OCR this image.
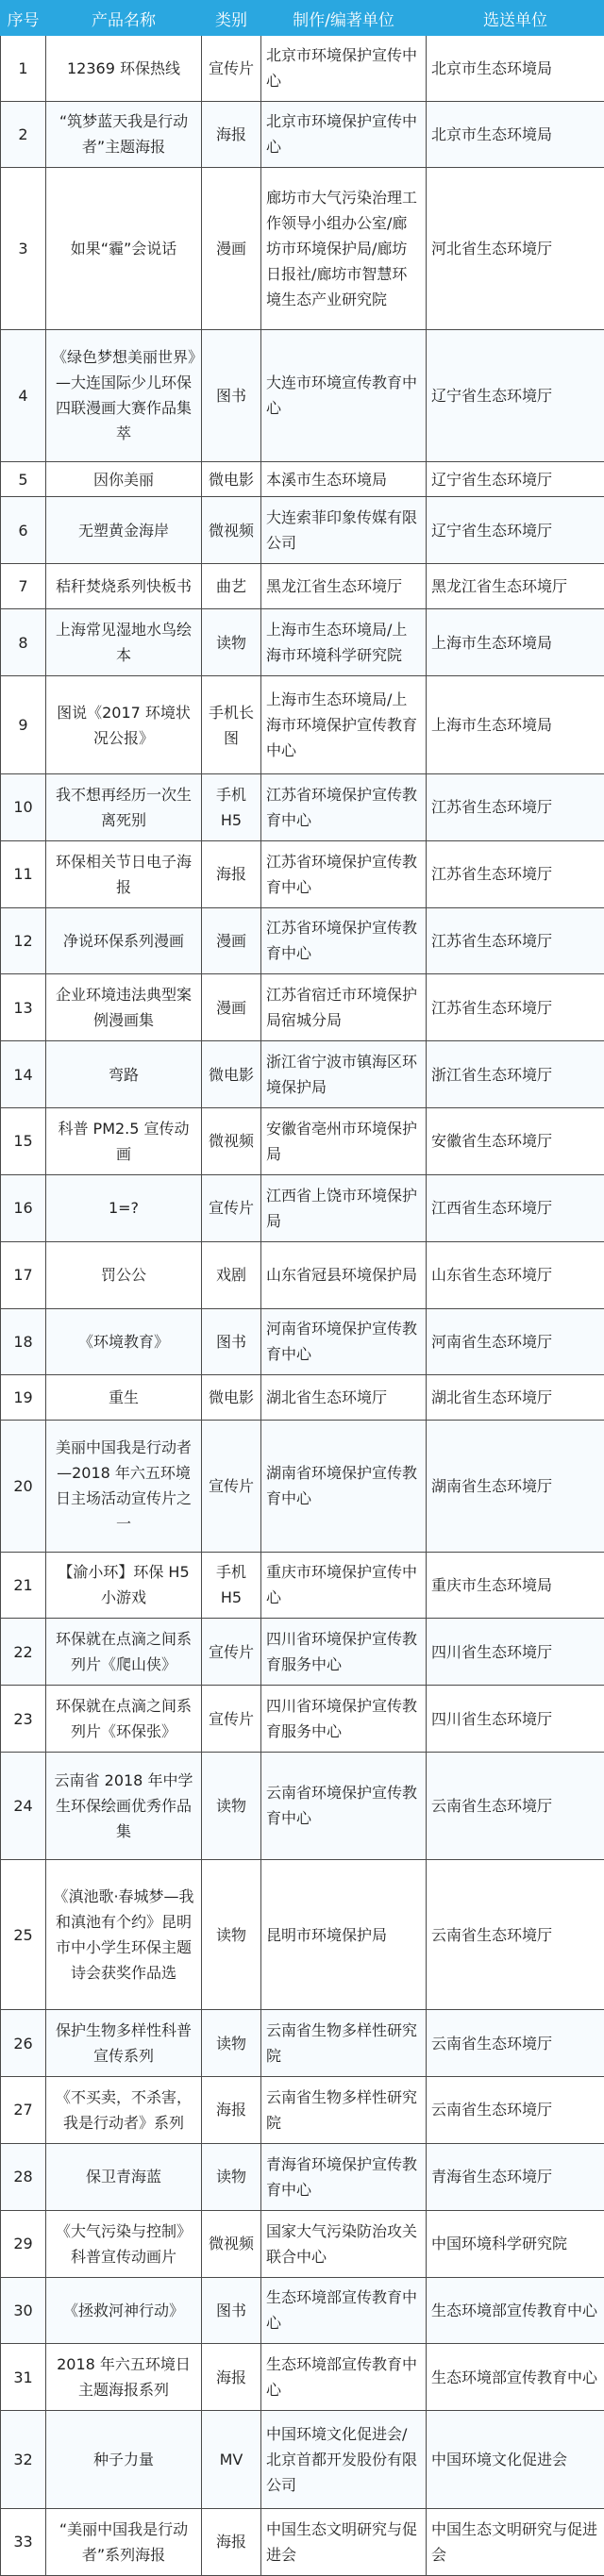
序号	产品名称	类别	制作/编著单位	选送单位
1	12369 环保热线	宣传片	北京市环境保护宣传中心	北京市生态环境局
2	“筑梦蓝天我是行动者”主题海报	海报	北京市环境保护宣传中心	北京市生态环境局
3	如果“霾”会说话	漫画	廊坊市大气污染治理工作领导小组办公室/廊坊市环境保护局/廊坊日报社/廊坊市智慧环境生态产业研究院	河北省生态环境厅
4	《绿色梦想美丽世界》—大连国际少儿环保四联漫画大赛作品集萃	图书	大连市环境宣传教育中心	辽宁省生态环境厅
5	因你美丽	微电影	本溪市生态环境局	辽宁省生态环境厅
6	无塑黄金海岸	微视频	大连索菲印象传媒有限公司	辽宁省生态环境厅
7	秸秆焚烧系列快板书	曲艺	黑龙江省生态环境厅	黑龙江省生态环境厅
8	上海常见湿地水鸟绘本	读物	上海市生态环境局/上海市环境科学研究院	上海市生态环境局
9	图说《2017 环境状况公报》	手机长图	上海市生态环境局/上海市环境保护宣传教育中心	上海市生态环境局
10	我不想再经历一次生离死别	手机 H5	江苏省环境保护宣传教育中心	江苏省生态环境厅
11	环保相关节日电子海报	海报	江苏省环境保护宣传教育中心	江苏省生态环境厅
12	净说环保系列漫画	漫画	江苏省环境保护宣传教育中心	江苏省生态环境厅
13	企业环境违法典型案例漫画集	漫画	江苏省宿迁市环境保护局宿城分局	江苏省生态环境厅
14	弯路	微电影	浙江省宁波市镇海区环境保护局	浙江省生态环境厅
15	科普 PM2.5 宣传动画	微视频	安徽省亳州市环境保护局	安徽省生态环境厅
16	1=?	宣传片	江西省上饶市环境保护局	江西省生态环境厅
17	罚公公	戏剧	山东省冠县环境保护局	山东省生态环境厅
18	《环境教育》	图书	河南省环境保护宣传教育中心	河南省生态环境厅
19	重生	微电影	湖北省生态环境厅	湖北省生态环境厅
20	美丽中国我是行动者—2018 年六五环境日主场活动宣传片之一	宣传片	湖南省环境保护宣传教育中心	湖南省生态环境厅
21	【渝小环】环保 H5 小游戏	手机 H5	重庆市环境保护宣传中心	重庆市生态环境局
22	环保就在点滴之间系列片《爬山侠》	宣传片	四川省环境保护宣传教育服务中心	四川省生态环境厅
23	环保就在点滴之间系列片《环保张》	宣传片	四川省环境保护宣传教育服务中心	四川省生态环境厅
24	云南省 2018 年中学生环保绘画优秀作品集	读物	云南省环境保护宣传教育中心	云南省生态环境厅
25	《滇池歌·春城梦—我和滇池有个约》昆明市中小学生环保主题诗会获奖作品选	读物	昆明市环境保护局	云南省生态环境厅
26	保护生物多样性科普宣传系列	读物	云南省生物多样性研究院	云南省生态环境厅
27	《不买卖，不杀害，我是行动者》系列	海报	云南省生物多样性研究院	云南省生态环境厅
28	保卫青海蓝	读物	青海省环境保护宣传教育中心	青海省生态环境厅
29	《大气污染与控制》科普宣传动画片	微视频	国家大气污染防治攻关联合中心	中国环境科学研究院
30	《拯救河神行动》	图书	生态环境部宣传教育中心	生态环境部宣传教育中心
31	2018 年六五环境日主题海报系列	海报	生态环境部宣传教育中心	生态环境部宣传教育中心
32	种子力量	MV	中国环境文化促进会/北京首都开发股份有限公司	中国环境文化促进会
33	“美丽中国我是行动者”系列海报	海报	中国生态文明研究与促进会	中国生态文明研究与促进会
